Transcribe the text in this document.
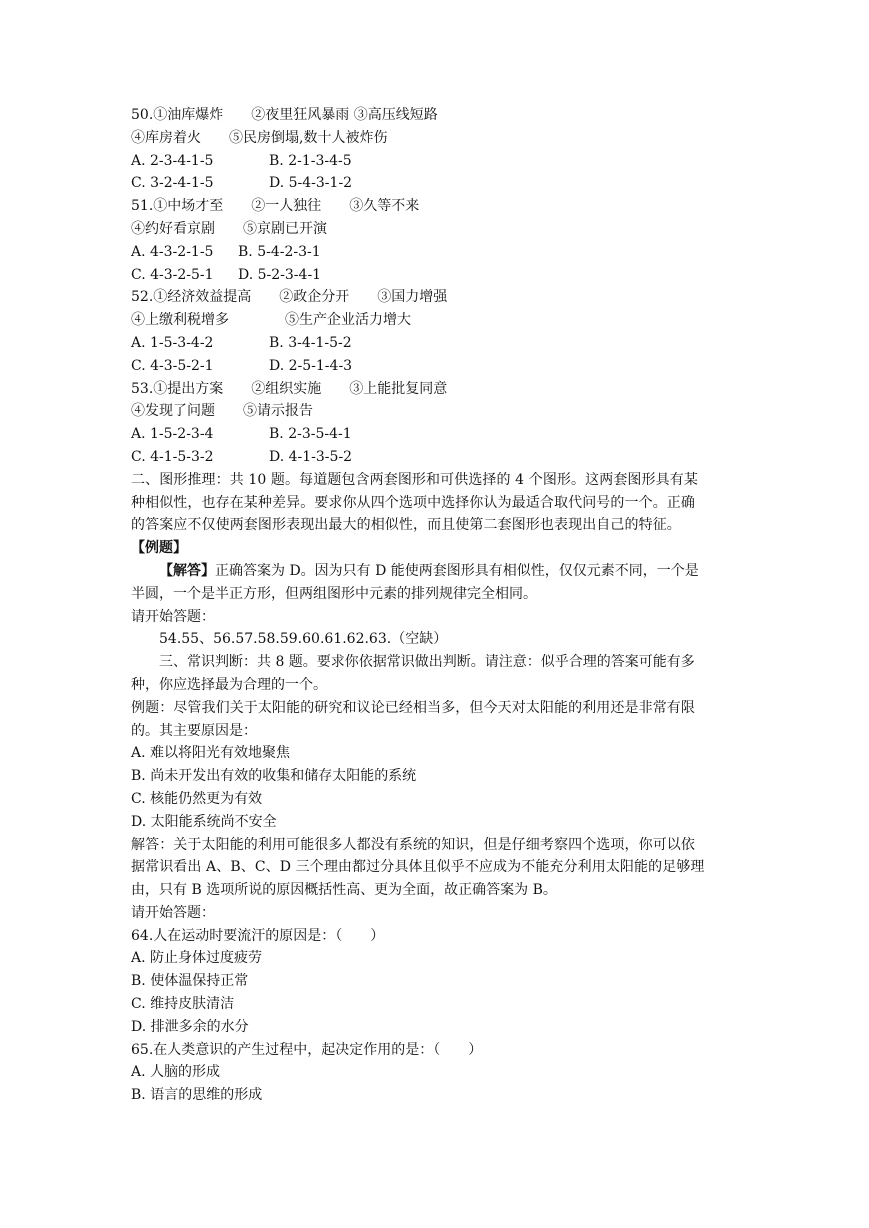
50.①油库爆炸　　②夜里狂风暴雨 ③高压线短路
④库房着火　　⑤民房倒塌,数十人被炸伤
A. 2-3-4-1-5	B. 2-1-3-4-5
C. 3-2-4-1-5	D. 5-4-3-1-2
51.①中场才至　　②一人独往　　③久等不来
④约好看京剧　　⑤京剧已开演
A. 4-3-2-1-5 B. 5-4-2-3-1
C. 4-3-2-5-1 D. 5-2-3-4-1
52.①经济效益提高　　②政企分开　　③国力增强
④上缴利税增多　　　　⑤生产企业活力增大
A. 1-5-3-4-2	B. 3-4-1-5-2
C. 4-3-5-2-1	D. 2-5-1-4-3
53.①提出方案　　②组织实施　　③上能批复同意
④发现了问题　　⑤请示报告
A. 1-5-2-3-4	B. 2-3-5-4-1
C. 4-1-5-3-2	D. 4-1-3-5-2
二、图形推理：共 10 题。每道题包含两套图形和可供选择的 4 个图形。这两套图形具有某
种相似性，也存在某种差异。要求你从四个选项中选择你认为最适合取代问号的一个。正确
的答案应不仅使两套图形表现出最大的相似性，而且使第二套图形也表现出自己的特征。
【例题】
【解答】正确答案为 D。因为只有 D 能使两套图形具有相似性，仅仅元素不同，一个是
半圆，一个是半正方形，但两组图形中元素的排列规律完全相同。
请开始答题：
54.55、56.57.58.59.60.61.62.63.（空缺）
三、常识判断：共 8 题。要求你依据常识做出判断。请注意：似乎合理的答案可能有多
种，你应选择最为合理的一个。
例题：尽管我们关于太阳能的研究和议论已经相当多，但今天对太阳能的利用还是非常有限
的。其主要原因是：
A. 难以将阳光有效地聚焦
B. 尚未开发出有效的收集和储存太阳能的系统
C. 核能仍然更为有效
D. 太阳能系统尚不安全
解答：关于太阳能的利用可能很多人都没有系统的知识，但是仔细考察四个选项，你可以依
据常识看出 A、B、C、D 三个理由都过分具体且似乎不应成为不能充分利用太阳能的足够理
由，只有 B 选项所说的原因概括性高、更为全面，故正确答案为 B。
请开始答题：
64.人在运动时要流汗的原因是：（　　）
A. 防止身体过度疲劳
B. 使体温保持正常
C. 维持皮肤清洁
D. 排泄多余的水分
65.在人类意识的产生过程中，起决定作用的是：（　　）
A. 人脑的形成
B. 语言的思维的形成
